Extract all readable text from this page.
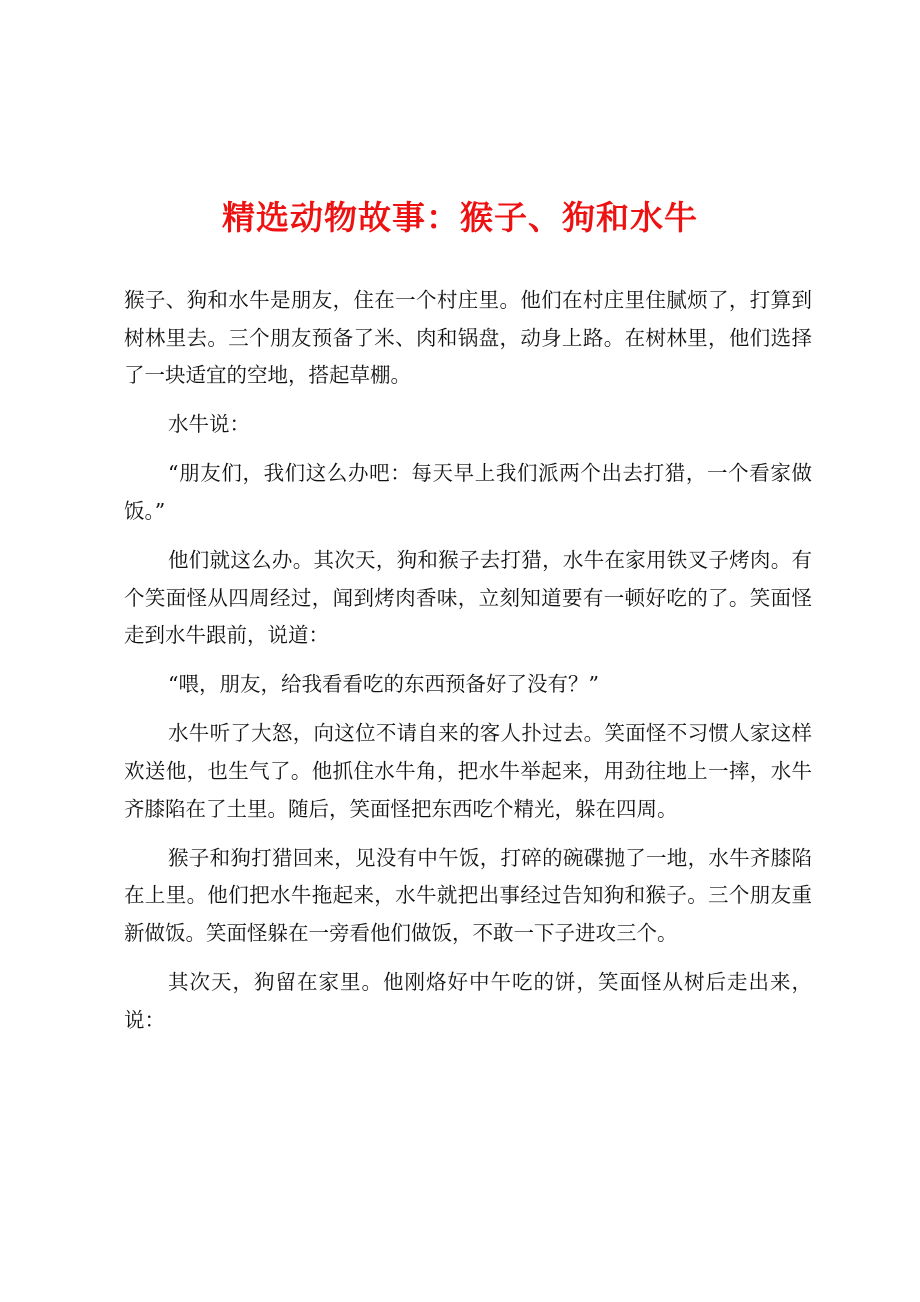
精选动物故事：猴子、狗和水牛

猴子、狗和水牛是朋友，住在一个村庄里。他们在村庄里住腻烦了，打算到树林里去。三个朋友预备了米、肉和锅盘，动身上路。在树林里，他们选择了一块适宜的空地，搭起草棚。

水牛说：

“朋友们，我们这么办吧：每天早上我们派两个出去打猎，一个看家做饭。”

他们就这么办。其次天，狗和猴子去打猎，水牛在家用铁叉子烤肉。有个笑面怪从四周经过，闻到烤肉香味，立刻知道要有一顿好吃的了。笑面怪走到水牛跟前，说道：

“喂，朋友，给我看看吃的东西预备好了没有？”

水牛听了大怒，向这位不请自来的客人扑过去。笑面怪不习惯人家这样欢送他，也生气了。他抓住水牛角，把水牛举起来，用劲往地上一摔，水牛齐膝陷在了土里。随后，笑面怪把东西吃个精光，躲在四周。

猴子和狗打猎回来，见没有中午饭，打碎的碗碟抛了一地，水牛齐膝陷在上里。他们把水牛拖起来，水牛就把出事经过告知狗和猴子。三个朋友重新做饭。笑面怪躲在一旁看他们做饭，不敢一下子进攻三个。

其次天，狗留在家里。他刚烙好中午吃的饼，笑面怪从树后走出来，说：
